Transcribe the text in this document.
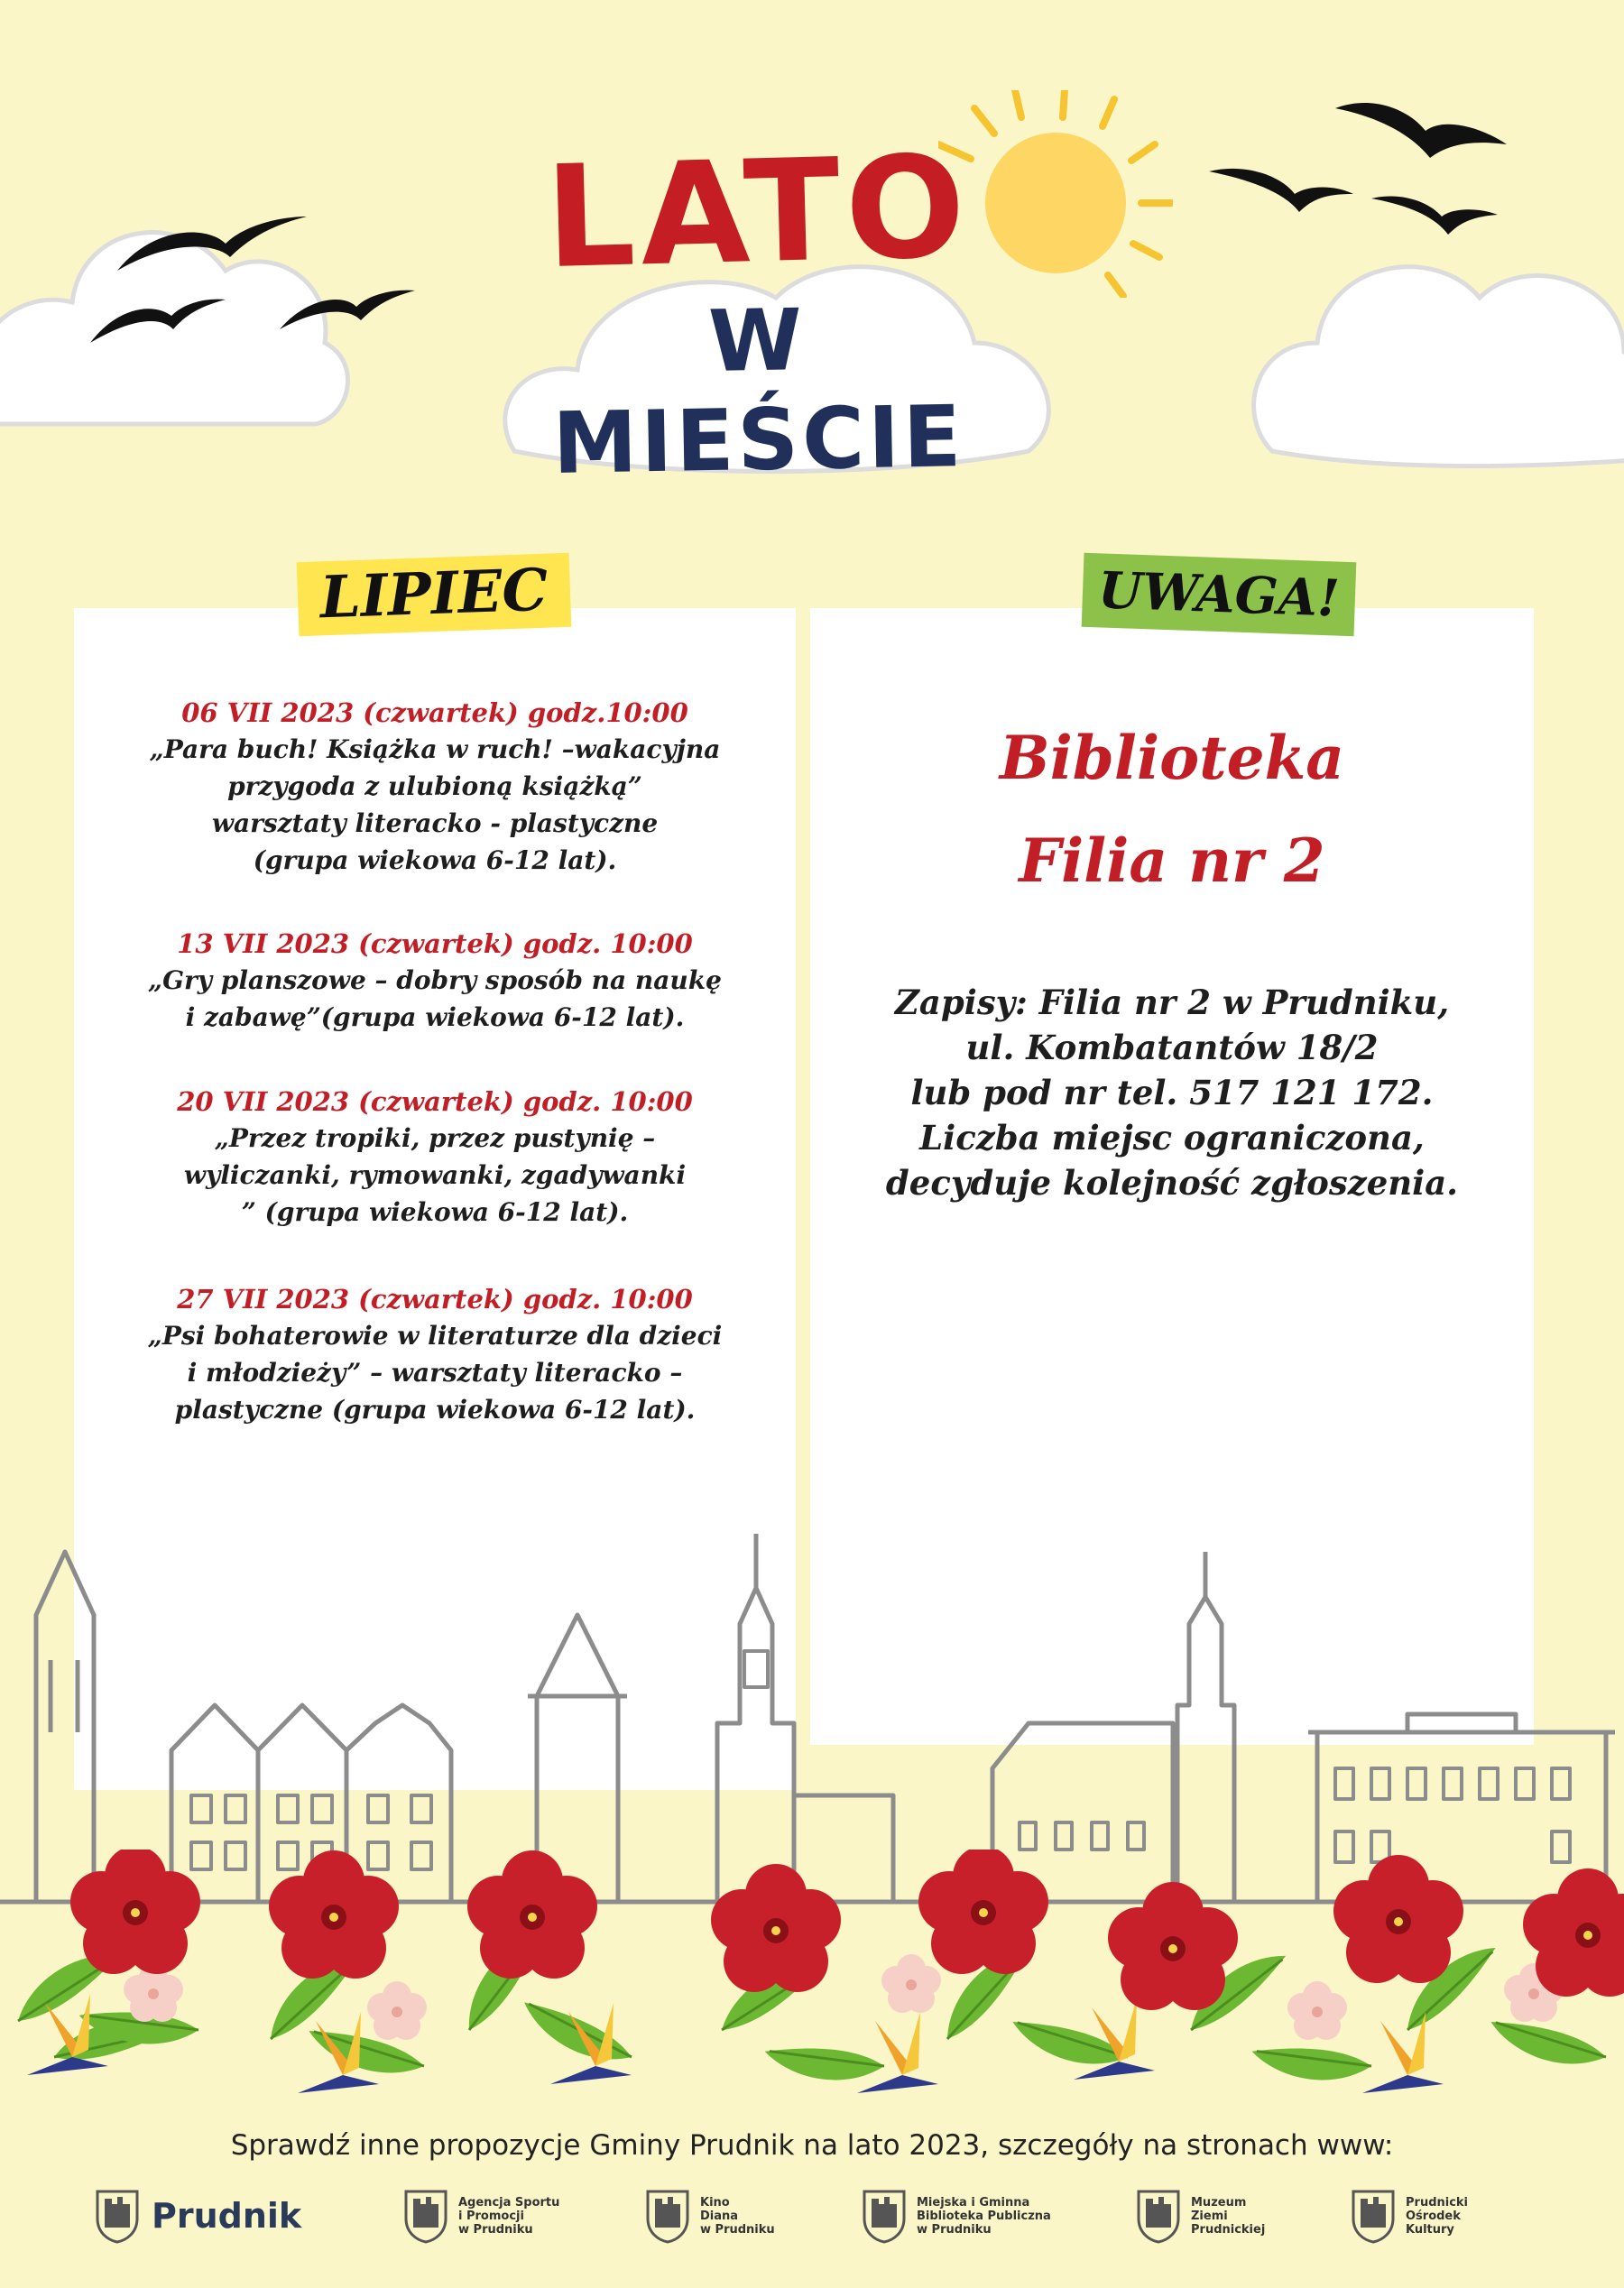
LATO
W MIEŚCIE
06 VII 2023 (czwartek) godz.10:00
„Para buch! Książka w ruch! –wakacyjna
przygoda z ulubioną książką”
warsztaty literacko - plastyczne
(grupa wiekowa 6-12 lat).
13 VII 2023 (czwartek) godz. 10:00
„Gry planszowe – dobry sposób na naukę
i zabawę”(grupa wiekowa 6-12 lat).
20 VII 2023 (czwartek) godz. 10:00
„Przez tropiki, przez pustynię –
wyliczanki, rymowanki, zgadywanki
” (grupa wiekowa 6-12 lat).
27 VII 2023 (czwartek) godz. 10:00
„Psi bohaterowie w literaturze dla dzieci
i młodzieży” – warsztaty literacko –
plastyczne (grupa wiekowa 6-12 lat).
Biblioteka
Filia nr 2
Zapisy: Filia nr 2 w Prudniku,
ul. Kombatantów 18/2
lub pod nr tel. 517 121 172.
Liczba miejsc ograniczona,
decyduje kolejność zgłoszenia.
LIPIEC	UWAGA!
Sprawdź inne propozycje Gminy Prudnik na lato 2023, szczegóły na stronach www:
Prudnik	Agencja Sportu
i Promocji
w Prudniku
Kino
Diana
w Prudniku
Miejska i Gminna
Biblioteka Publiczna
w Prudniku
Muzeum
Ziemi
Prudnickiej
Prudnicki
Ośrodek
Kultury
